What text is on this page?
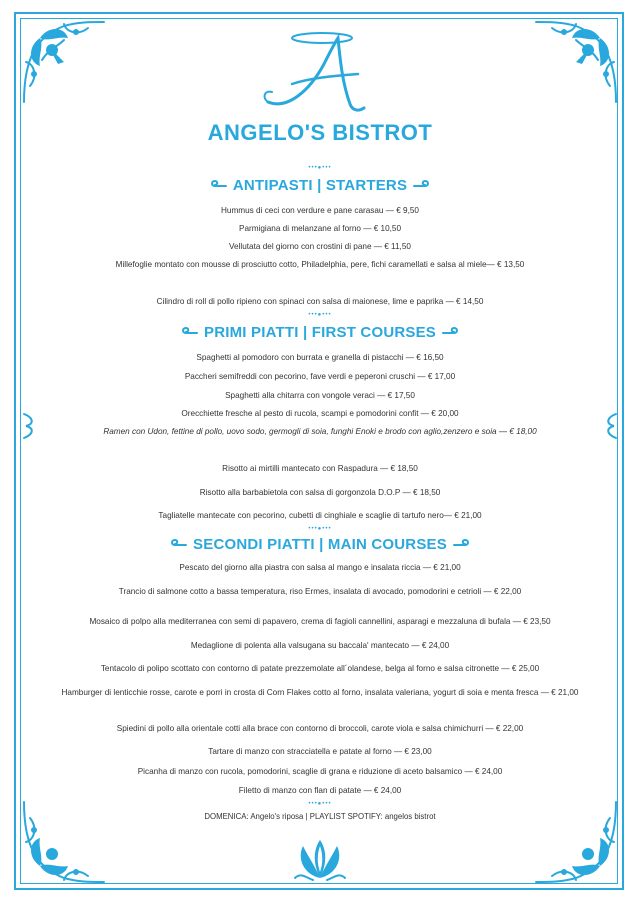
ANGELO'S BISTROT
•••●•••
ANTIPASTI | STARTERS
Hummus di ceci con verdure e pane carasau — € 9,50
Parmigiana di melanzane al forno — € 10,50
Vellutata del giorno con crostini di pane — € 11,50
Millefoglie montato con mousse di prosciutto cotto, Philadelphia, pere, fichi caramellati e salsa al miele— € 13,50
Cilindro di roll di pollo ripieno con spinaci con salsa di maionese, lime e paprika — € 14,50
•••●•••
PRIMI PIATTI | FIRST COURSES
Spaghetti al pomodoro con burrata e granella di pistacchi — € 16,50
Paccheri semifreddi con pecorino, fave verdi e peperoni cruschi — € 17,00
Spaghetti alla chitarra con vongole veraci — € 17,50
Orecchiette fresche al pesto di rucola, scampi e pomodorini confit — € 20,00
Ramen con Udon, fettine di pollo, uovo sodo, germogli di soia, funghi Enoki e brodo con aglio,zenzero e soia — € 18,00
Risotto ai mirtilli mantecato con Raspadura — € 18,50
Risotto alla barbabietola con salsa di gorgonzola D.O.P — € 18,50
Tagliatelle mantecate con pecorino, cubetti di cinghiale e scaglie di tartufo nero— € 21,00
•••●•••
SECONDI PIATTI | MAIN COURSES
Pescato del giorno alla piastra con salsa al mango e insalata riccia — € 21,00
Trancio di salmone cotto a bassa temperatura, riso Ermes, insalata di avocado, pomodorini e cetrioli — € 22,00
Mosaico di polpo alla mediterranea con semi di papavero, crema di fagioli cannellini, asparagi e mezzaluna di bufala — € 23,50
Medaglione di polenta alla valsugana su baccala' mantecato — € 24,00
Tentacolo di polipo scottato con contorno di patate prezzemolate all´olandese, belga al forno e salsa citronette — € 25,00
Hamburger di lenticchie rosse, carote e porri in crosta di Corn Flakes cotto al forno, insalata valeriana, yogurt di soia e menta fresca — € 21,00
Spiedini di pollo alla orientale cotti alla brace con contorno di broccoli, carote viola e salsa chimichurri — € 22,00
Tartare di manzo con stracciatella e patate al forno — € 23,00
Picanha di manzo con rucola, pomodorini, scaglie di grana e riduzione di aceto balsamico — € 24,00
Filetto di manzo con flan di patate — € 24,00
•••●•••
DOMENICA: Angelo's riposa | PLAYLIST SPOTIFY: angelos bistrot
